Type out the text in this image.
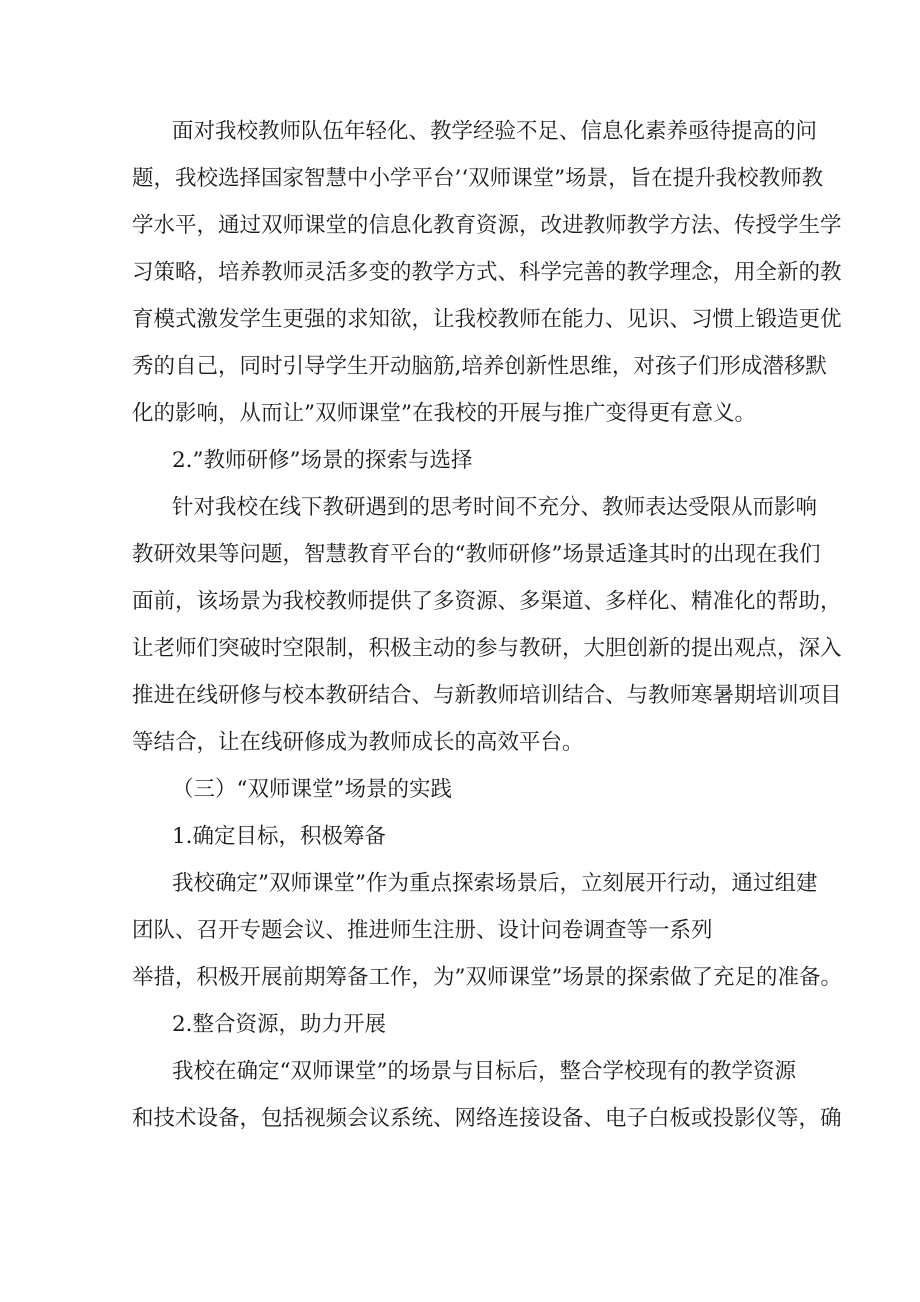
面对我校教师队伍年轻化、教学经验不足、信息化素养亟待提高的问
题，我校选择国家智慧中小学平台’‘双师课堂”场景，旨在提升我校教师教
学水平，通过双师课堂的信息化教育资源，改进教师教学方法、传授学生学
习策略，培养教师灵活多变的教学方式、科学完善的教学理念，用全新的教
育模式激发学生更强的求知欲，让我校教师在能力、见识、习惯上锻造更优
秀的自己，同时引导学生开动脑筋,培养创新性思维，对孩子们形成潜移默
化的影响，从而让”双师课堂”在我校的开展与推广变得更有意义。
2.”教师研修”场景的探索与选择
针对我校在线下教研遇到的思考时间不充分、教师表达受限从而影响
教研效果等问题，智慧教育平台的“教师研修”场景适逢其时的出现在我们
面前，该场景为我校教师提供了多资源、多渠道、多样化、精准化的帮助，
让老师们突破时空限制，积极主动的参与教研，大胆创新的提出观点，深入
推进在线研修与校本教研结合、与新教师培训结合、与教师寒暑期培训项目
等结合，让在线研修成为教师成长的高效平台。
（三）“双师课堂”场景的实践
1.确定目标，积极筹备
我校确定”双师课堂”作为重点探索场景后，立刻展开行动，通过组建
团队、召开专题会议、推进师生注册、设计问卷调查等一系列
举措，积极开展前期筹备工作，为”双师课堂”场景的探索做了充足的准备。
2.整合资源，助力开展
我校在确定“双师课堂”的场景与目标后，整合学校现有的教学资源
和技术设备，包括视频会议系统、网络连接设备、电子白板或投影仪等，确
